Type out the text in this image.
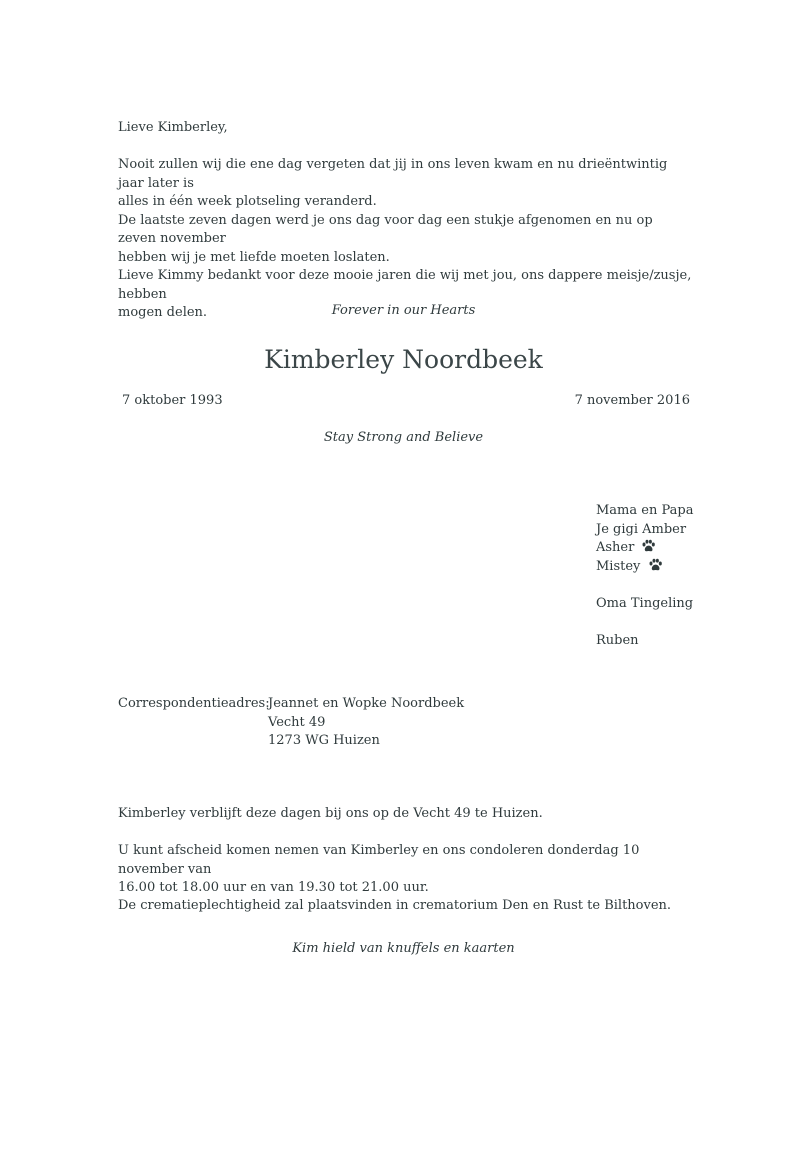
Lieve Kimberley,

Nooit zullen wij die ene dag vergeten dat jij in ons leven kwam en nu drieëntwintig jaar later is

alles in één week plotseling veranderd.

De laatste zeven dagen werd je ons dag voor dag een stukje afgenomen en nu op zeven november

hebben wij je met liefde moeten loslaten.

Lieve Kimmy bedankt voor deze mooie jaren die wij met jou, ons dappere meisje/zusje, hebben

mogen delen.	Forever in our Hearts
Kimberley Noordbeek
7 oktober 1993	7 november 2016
Stay Strong and Believe
Mama en Papa
Je gigi Amber
Asher
Mistey
Oma Tingeling
Ruben
Correspondentieadres:
Jeannet en Wopke Noordbeek
Vecht 49
1273 WG Huizen

Kimberley verblijft deze dagen bij ons op de Vecht 49 te Huizen.

U kunt afscheid komen nemen van Kimberley en ons condoleren donderdag 10 november van

16.00 tot 18.00 uur en van 19.30 tot 21.00 uur.

De crematieplechtigheid zal plaatsvinden in crematorium Den en Rust te Bilthoven.

Kim hield van knuffels en kaarten
